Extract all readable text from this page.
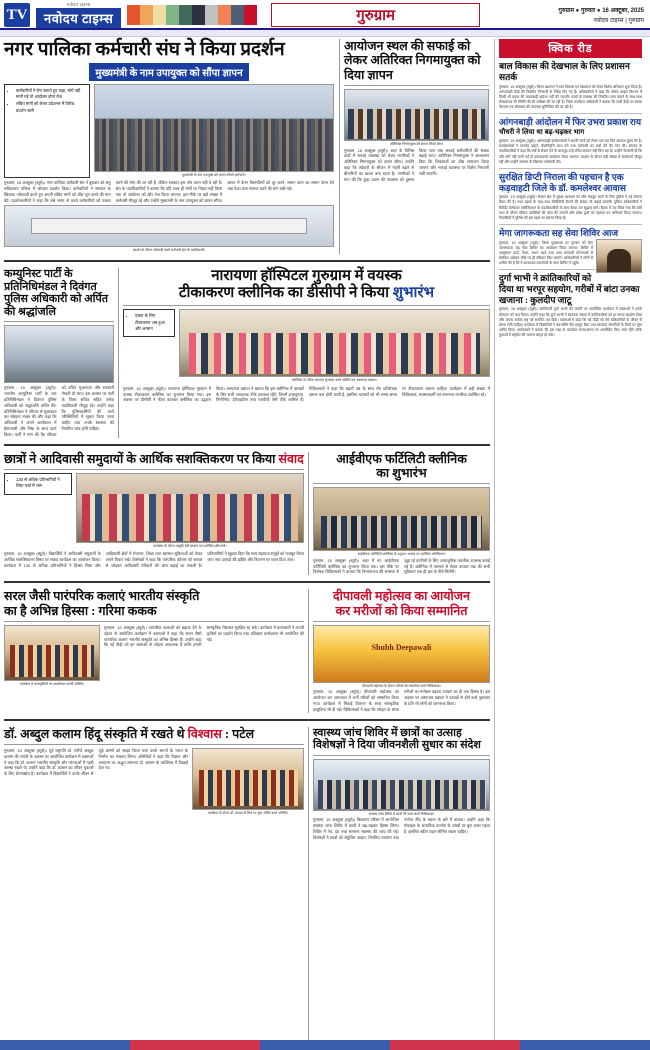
TV
नवोदय टाइम्स
नवोदय टाइम्स	गुरुग्राम	गुरुग्राम ● गुरुवार ● 16 अक्टूबर, 2025
नवोदय टाइम्स | गुरुग्राम
नगर पालिका कर्मचारी संघ ने किया प्रदर्शन
मुख्यमंत्री के नाम उपायुक्त को सौंपा ज्ञापन
• कर्मचारियों ने रोष जताते हुए कहा, मांगें नहीं मानी गईं तो आंदोलन होगा तेज
• लंबित मांगों को लेकर प्रदेशभर में विरोध प्रदर्शन जारी
मुख्यमंत्री के नाम उपायुक्त को ज्ञापन सौंपते कर्मचारी।
गुरुग्राम, 15 अक्टूबर (ब्यूरो)। नगर पालिका कर्मचारी संघ ने बुधवार को लघु सचिवालय परिसर में जोरदार प्रदर्शन किया। कर्मचारियों ने सरकार के खिलाफ नारेबाजी करते हुए अपनी लंबित मांगों को शीघ्र पूरा करने की मांग की। प्रदर्शनकारियों ने कहा कि लंबे समय से कच्चे कर्मचारियों को पक्का करने की मांग की जा रही है, लेकिन सरकार इस ओर ध्यान नहीं दे रही है। संघ के पदाधिकारियों ने बताया कि यदि जल्द ही मांगों पर विचार नहीं किया गया तो आंदोलन को और तेज किया जाएगा। इस मौके पर बड़ी संख्या में कर्मचारी मौजूद रहे और उन्होंने मुख्यमंत्री के नाम उपायुक्त को ज्ञापन सौंपा। ज्ञापन में वेतन विसंगतियों को दूर करने, समान काम का समान वेतन देने तथा ठेका प्रथा समाप्त करने की मांग रखी गई।
प्रदर्शन के दौरान नारेबाजी करते कर्मचारी संघ के पदाधिकारी।
आयोजन स्थल की सफाई को लेकर अतिरिक्त निगमायुक्त को दिया ज्ञापन
अतिरिक्त निगमायुक्त को ज्ञापन सौंपते लोग।
गुरुग्राम, 15 अक्टूबर (ब्यूरो)। शहर के विभिन्न वार्डों में सफाई व्यवस्था को लेकर नागरिकों ने अतिरिक्त निगमायुक्त को ज्ञापन सौंपा। उन्होंने कहा कि त्योहारों के सीजन में गंदगी बढ़ने से बीमारियों का खतरा बना रहता है। नागरिकों ने मांग की कि कूड़ा उठान की व्यवस्था को दुरुस्त किया जाए तथा सफाई कर्मचारियों की संख्या बढ़ाई जाए। अतिरिक्त निगमायुक्त ने आश्वासन दिया कि शिकायतों का शीघ्र समाधान किया जाएगा और सफाई व्यवस्था पर विशेष निगरानी रखी जाएगी।
कम्युनिस्ट पार्टी के प्रतिनिधिमंडल ने दिवंगत पुलिस अधिकारी को अर्पित की श्रद्धांजलि
गुरुग्राम, 15 अक्टूबर (ब्यूरो)। भारतीय कम्युनिस्ट पार्टी के एक प्रतिनिधिमंडल ने दिवंगत पुलिस अधिकारी को श्रद्धांजलि अर्पित की। प्रतिनिधिमंडल ने परिवार से मुलाकात कर संवेदना व्यक्त की और कहा कि अधिकारी ने अपने कार्यकाल में ईमानदारी और निष्ठा के साथ कार्य किया। पार्टी ने मांग की कि परिवार को उचित मुआवजा और सरकारी नौकरी दी जाए। इस अवसर पर पार्टी के जिला सचिव सहित अनेक पदाधिकारी मौजूद रहे। उन्होंने कहा कि पुलिसकर्मियों की कार्य परिस्थितियों में सुधार किया जाना चाहिए तथा उनके स्वास्थ्य की नियमित जांच होनी चाहिए।
नारायणा हॉस्पिटल गुरुग्राम में वयस्क
टीकाकरण क्लीनिक का डीसीपी ने किया शुभारंभ
• एडल्ट के लिए टीकाकरण अब हुआ और आसान
क्लीनिक का फीता काटकर शुभारंभ करते अतिथि एवं अस्पताल प्रबंधन।
गुरुग्राम, 15 अक्टूबर (ब्यूरो)। नारायणा हॉस्पिटल गुरुग्राम में वयस्क टीकाकरण क्लीनिक का शुभारंभ किया गया। इस अवसर पर डीसीपी ने फीता काटकर क्लीनिक का उद्घाटन किया। अस्पताल प्रबंधन ने बताया कि इस क्लीनिक में वयस्कों के लिए सभी आवश्यक टीके उपलब्ध रहेंगे, जिनमें इन्फ्लूएंजा, निमोनिया, हेपेटाइटिस तथा एचपीवी जैसे टीके शामिल हैं। चिकित्सकों ने कहा कि बढ़ती उम्र के साथ रोग प्रतिरोधक क्षमता कम होती जाती है, इसलिए वयस्कों को भी समय-समय पर टीकाकरण कराना चाहिए। कार्यक्रम में बड़ी संख्या में चिकित्सक, स्वास्थ्यकर्मी एवं गणमान्य नागरिक उपस्थित रहे।
छात्रों ने आदिवासी समुदायों के आर्थिक सशक्तिकरण पर किया संवाद
• 130 से अधिक प्रतिभागियों ने लिया चर्चा में भाग
कार्यक्रम के दौरान प्रस्तुति देतीं छात्राएं एवं उपस्थित प्रतिभागी।
गुरुग्राम, 15 अक्टूबर (ब्यूरो)। विद्यार्थियों ने आदिवासी समुदायों के आर्थिक सशक्तिकरण विषय पर संवाद कार्यक्रम का आयोजन किया। कार्यक्रम में 130 से अधिक प्रतिभागियों ने हिस्सा लिया और आदिवासी क्षेत्रों में रोजगार, शिक्षा तथा स्वास्थ्य सुविधाओं को लेकर अपने विचार रखे। विशेषज्ञों ने कहा कि पारंपरिक कौशल को बाजार से जोड़कर आदिवासी परिवारों की आय बढ़ाई जा सकती है। प्रतिभागियों ने सुझाव दिया कि स्वयं सहायता समूहों को मजबूत किया जाए तथा उत्पादों की ब्रांडिंग और विपणन पर ध्यान दिया जाए।
आईवीएफ फर्टिलिटी क्लीनिक
का शुभारंभ
आईवीएफ फर्टिलिटी क्लीनिक के उद्घाटन अवसर पर उपस्थित अतिथिगण।
गुरुग्राम, 15 अक्टूबर (ब्यूरो)। शहर में नए आईवीएफ फर्टिलिटी क्लीनिक का शुभारंभ किया गया। इस मौके पर विशेषज्ञ चिकित्सकों ने बताया कि निःसंतानता की समस्या से जूझ रहे दंपतियों के लिए अत्याधुनिक तकनीक उपलब्ध कराई गई है। क्लीनिक में परामर्श से लेकर उपचार तक की सभी सुविधाएं एक ही छत के नीचे मिलेंगी।
सरल जैसी पारंपरिक कलाएं भारतीय संस्कृति
का है अभिन्न हिस्सा : गरिमा ककक
कार्यक्रम में कलाकृतियों का अवलोकन करतीं अतिथि।
गुरुग्राम, 15 अक्टूबर (ब्यूरो)। पारंपरिक कलाओं को बढ़ावा देने के उद्देश्य से आयोजित कार्यक्रम में वक्ताओं ने कहा कि सरल जैसी पारंपरिक कलाएं भारतीय संस्कृति का अभिन्न हिस्सा हैं। उन्होंने कहा कि नई पीढ़ी को इन कलाओं से जोड़ना आवश्यक है ताकि हमारी सांस्कृतिक विरासत सुरक्षित रह सके। कार्यक्रम में कलाकारों ने अपनी कृतियों का प्रदर्शन किया तथा प्रशिक्षण कार्यशाला भी आयोजित की गई।
दीपावली महोत्सव का आयोजन
कर मरीजों को किया सम्मानित
Shubh Deepawali
दीपावली महोत्सव के दौरान मरीजों को सम्मानित करते चिकित्सक।
गुरुग्राम, 15 अक्टूबर (ब्यूरो)। दीपावली महोत्सव का आयोजन कर अस्पताल में भर्ती मरीजों को सम्मानित किया गया। कार्यक्रम में मिठाई वितरण के साथ सांस्कृतिक प्रस्तुतियां भी दी गईं। चिकित्सकों ने कहा कि त्योहार के समय मरीजों का मनोबल बढ़ाना उपचार का ही एक हिस्सा है। इस अवसर पर अस्पताल प्रबंधन ने पटाखों से होने वाले नुकसान के प्रति भी लोगों को जागरूक किया।
डॉ. अब्दुल कलाम हिंदू संस्कृति में रखते थे विश्वास : पटेल
गुरुग्राम, 15 अक्टूबर (ब्यूरो)। पूर्व राष्ट्रपति डॉ. एपीजे अब्दुल कलाम की जयंती के अवसर पर आयोजित कार्यक्रम में वक्ताओं ने कहा कि डॉ. कलाम भारतीय संस्कृति और परंपराओं में गहरी आस्था रखते थे। उन्होंने कहा कि डॉ. कलाम का जीवन युवाओं के लिए प्रेरणास्रोत है। कार्यक्रम में विद्यार्थियों ने उनके जीवन से जुड़े प्रसंगों को साझा किया तथा उनके सपनों के भारत के निर्माण का संकल्प लिया। अतिथियों ने कहा कि विज्ञान और अध्यात्म का अद्भुत समन्वय डॉ. कलाम के व्यक्तित्व में दिखाई देता था।
कार्यक्रम के दौरान डॉ. कलाम के चित्र पर पुष्प अर्पित करते अतिथि।
स्वास्थ्य जांच शिविर में छात्रों का उत्साह
विशेषज्ञों ने दिया जीवनशैली सुधार का संदेश
स्वास्थ्य जांच शिविर में छात्रों की जांच करते चिकित्सक।
गुरुग्राम, 15 अक्टूबर (ब्यूरो)। विद्यालय परिसर में आयोजित स्वास्थ्य जांच शिविर में छात्रों ने बढ़-चढ़कर हिस्सा लिया। शिविर में नेत्र, दंत तथा सामान्य स्वास्थ्य की जांच की गई। विशेषज्ञों ने छात्रों को संतुलित आहार, नियमित व्यायाम तथा पर्याप्त नींद के महत्व के बारे में बताया। उन्होंने कहा कि मोबाइल के अत्यधिक उपयोग से आंखों पर बुरा असर पड़ता है, इसलिए स्क्रीन टाइम सीमित रखना चाहिए।
क्विक रीड
बाल विकास की देखभाल के लिए प्रशासन सतर्क
गुरुग्राम, 15 अक्टूबर (ब्यूरो)। जिला प्रशासन ने बाल विकास एवं देखभाल को लेकर विशेष अभियान शुरू किया है। आंगनबाड़ी केंद्रों की नियमित निगरानी के निर्देश दिए गए हैं। अधिकारियों ने कहा कि पोषण आहार वितरण में किसी भी प्रकार की लापरवाही बर्दाश्त नहीं की जाएगी। बच्चों के स्वास्थ्य की नियमित जांच कराने के साथ-साथ टीकाकरण की स्थिति की भी समीक्षा की जा रही है। जिला कार्यक्रम अधिकारी ने बताया कि सभी केंद्रों पर स्वच्छ पेयजल एवं शौचालय की व्यवस्था सुनिश्चित की जा रही है।
आंगनबाड़ी आंदोलन में फिर उभरा प्रकाश राय
चौधरी ने लिया था बढ़-चढ़कर भाग
गुरुग्राम, 15 अक्टूबर (ब्यूरो)। आंगनबाड़ी कार्यकर्ताओं ने अपनी मांगों को लेकर एक बार फिर आवाज बुलंद की है। कार्यकर्ताओं ने मानदेय बढ़ाने, सेवानिवृत्ति लाभ देने तथा कर्मचारी का दर्जा देने की मांग की। संगठन के पदाधिकारियों ने कहा कि वर्षों से सेवाएं देने के बावजूद उन्हें उचित सम्मान नहीं मिल रहा है। उन्होंने चेतावनी दी कि यदि मांगें नहीं मानी गईं तो प्रदेशव्यापी आंदोलन किया जाएगा। प्रदर्शन के दौरान बड़ी संख्या में कार्यकर्ता मौजूद रहीं और उन्होंने सरकार के खिलाफ नारेबाजी की।
सुरक्षित डिप्टी निराला की पहचान है एक कड़वाहटी जिले के डॉ. कमलेश्वर आवास
गुरुग्राम, 15 अक्टूबर (ब्यूरो)। सेक्टर क्षेत्र में सुरक्षा व्यवस्था को और मजबूत करने के लिए पुलिस ने नई योजना तैयार की है। गश्त बढ़ाने के साथ-साथ सीसीटीवी कैमरों की संख्या भी बढ़ाई जाएगी। पुलिस अधिकारियों ने रेजिडेंट वेलफेयर एसोसिएशन के पदाधिकारियों के साथ बैठक कर सुझाव मांगे। बैठक में तय किया गया कि रात्रि गश्त के दौरान संदिग्ध व्यक्तियों की जांच की जाएगी और प्रवेश द्वारों पर पहचान पत्र अनिवार्य किया जाएगा। निवासियों ने पुलिस की इस पहल का स्वागत किया है।
मेगा जागरूकता सह सेवा शिविर आज
गुरुग्राम, 15 अक्टूबर (ब्यूरो)। जिला मुख्यालय पर गुरुवार को मेगा जागरूकता सह सेवा शिविर का आयोजन किया जाएगा। शिविर में आयुष्मान कार्ड, पेंशन, राशन कार्ड तथा अन्य सरकारी योजनाओं से संबंधित आवेदन मौके पर ही स्वीकार किए जाएंगे। अधिकारियों ने लोगों से अपील की है कि वे आवश्यक दस्तावेजों के साथ शिविर में पहुंचें।
दुर्गा भाभी ने क्रांतिकारियों को दिया था भरपूर सहयोग, गरीबों में बांटा उनका खजाना : कुलदीप जाटू
गुरुग्राम, 15 अक्टूबर (ब्यूरो)। क्रांतिकारी दुर्गा भाभी की जयंती पर आयोजित कार्यक्रम में वक्ताओं ने उनके योगदान को याद किया। उन्होंने कहा कि दुर्गा भाभी ने स्वतंत्रता संग्राम में क्रांतिकारियों को हर संभव सहयोग दिया और अपना सर्वस्व राष्ट्र को समर्पित कर दिया। वक्ताओं ने कहा कि नई पीढ़ी को ऐसे बलिदानियों के जीवन से प्रेरणा लेनी चाहिए। कार्यक्रम में विद्यार्थियों ने देशभक्ति गीत प्रस्तुत किए तथा स्वतंत्रता सेनानियों के चित्रों पर पुष्प अर्पित किए। आयोजकों ने बताया कि इस तरह के कार्यक्रम समय-समय पर आयोजित किए जाते रहेंगे ताकि युवाओं में राष्ट्रप्रेम की भावना जागृत हो सके।
